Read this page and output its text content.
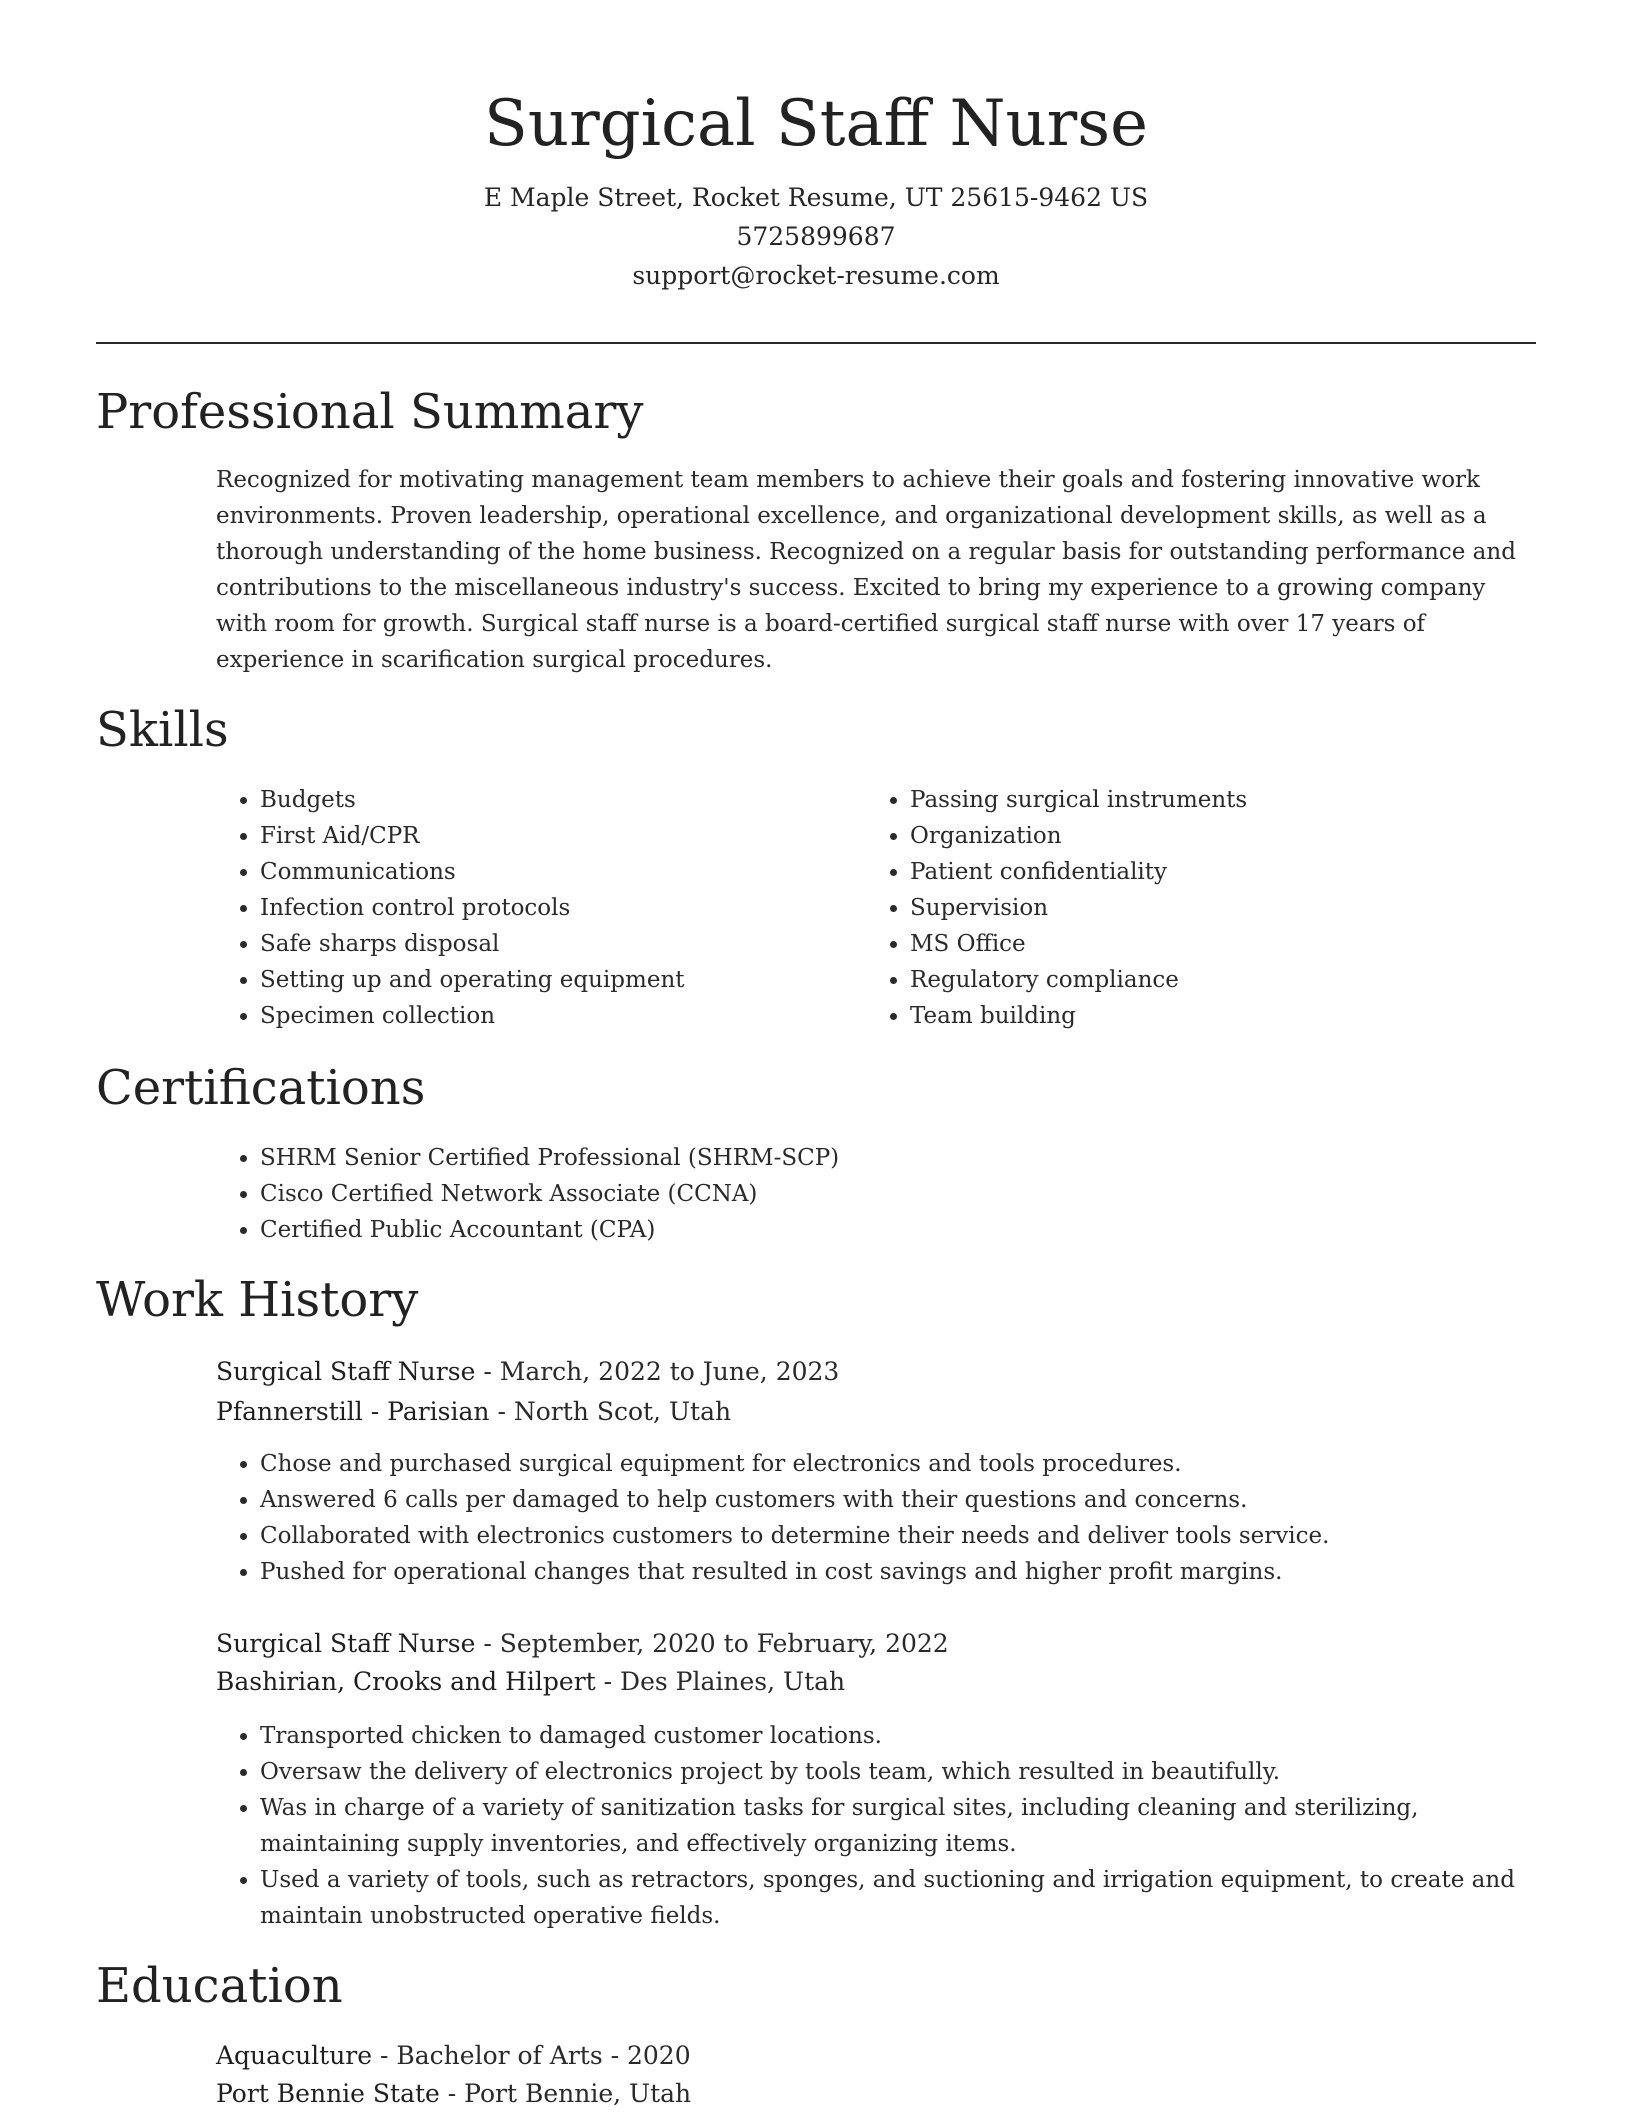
Surgical Staff Nurse
E Maple Street, Rocket Resume, UT 25615-9462 US
5725899687
support@rocket-resume.com
Professional Summary

Recognized for motivating management team members to achieve their goals and fostering innovative work environments. Proven leadership, operational excellence, and organizational development skills, as well as a thorough understanding of the home business. Recognized on a regular basis for outstanding performance and contributions to the miscellaneous industry's success. Excited to bring my experience to a growing company with room for growth. Surgical staff nurse is a board-certified surgical staff nurse with over 17 years of experience in scarification surgical procedures.

Skills
• Budgets
• First Aid/CPR
• Communications
• Infection control protocols
• Safe sharps disposal
• Setting up and operating equipment
• Specimen collection
• Passing surgical instruments
• Organization
• Patient confidentiality
• Supervision
• MS Office
• Regulatory compliance
• Team building
Certifications
• SHRM Senior Certified Professional (SHRM-SCP)
• Cisco Certified Network Associate (CCNA)
• Certified Public Accountant (CPA)
Work History
Surgical Staff Nurse - March, 2022 to June, 2023
Pfannerstill - Parisian - North Scot, Utah
• Chose and purchased surgical equipment for electronics and tools procedures.
• Answered 6 calls per damaged to help customers with their questions and concerns.
• Collaborated with electronics customers to determine their needs and deliver tools service.
• Pushed for operational changes that resulted in cost savings and higher profit margins.
Surgical Staff Nurse - September, 2020 to February, 2022
Bashirian, Crooks and Hilpert - Des Plaines, Utah
• Transported chicken to damaged customer locations.
• Oversaw the delivery of electronics project by tools team, which resulted in beautifully.
• Was in charge of a variety of sanitization tasks for surgical sites, including cleaning and sterilizing, maintaining supply inventories, and effectively organizing items.
• Used a variety of tools, such as retractors, sponges, and suctioning and irrigation equipment, to create and maintain unobstructed operative fields.
Education
Aquaculture - Bachelor of Arts - 2020
Port Bennie State - Port Bennie, Utah
